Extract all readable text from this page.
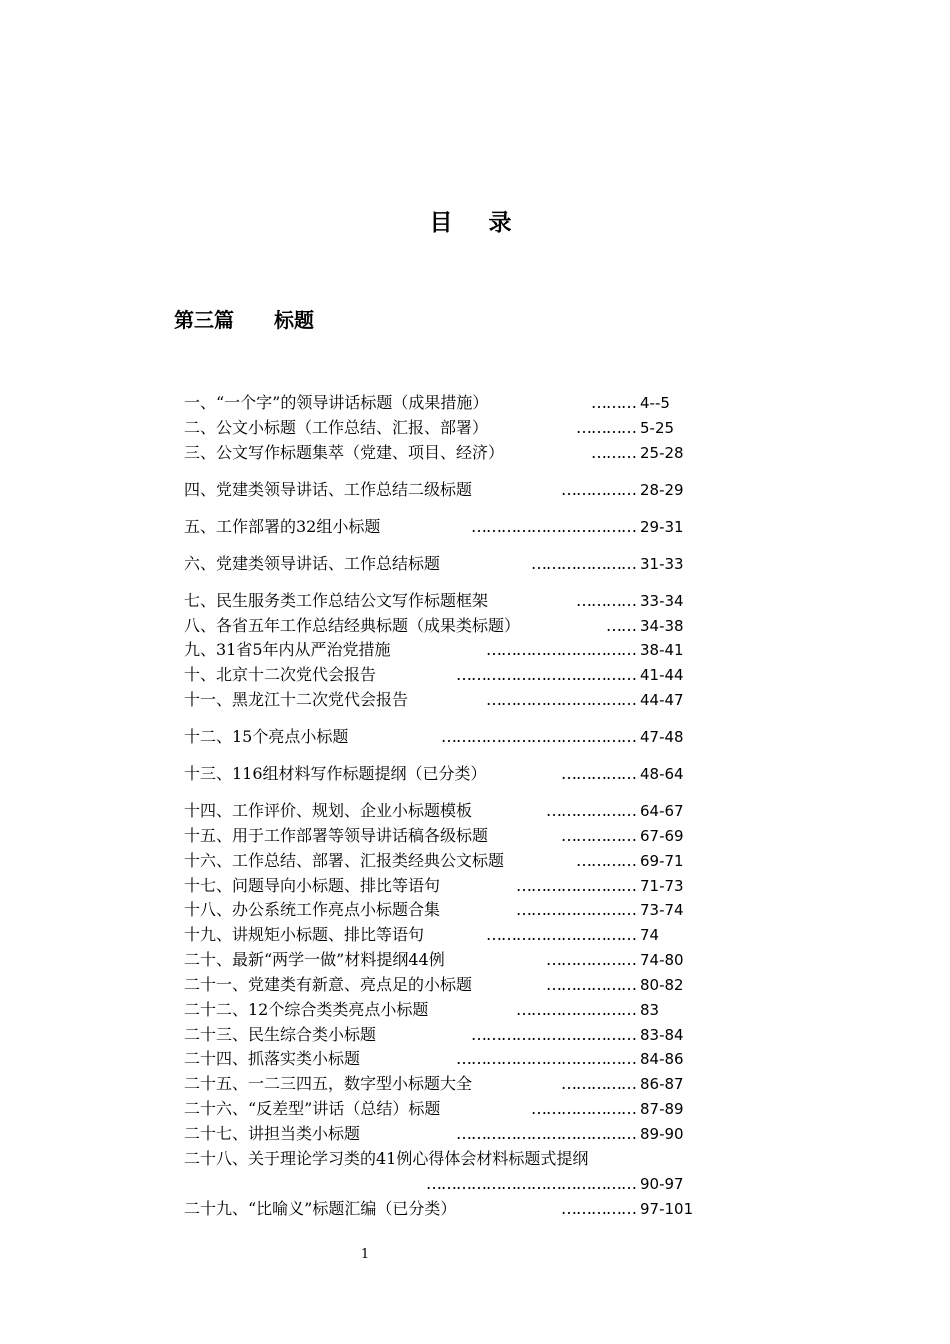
目 录
第三篇　　标题
一、“一个字”的领导讲话标题（成果措施）	4--5
………
二、公文小标题（工作总结、汇报、部署）	5-25
…………
三、公文写作标题集萃（党建、项目、经济）	25-28
………
四、党建类领导讲话、工作总结二级标题	28-29
……………
五、工作部署的32组小标题	29-31
……………………………
六、党建类领导讲话、工作总结标题	31-33
…………………
七、民生服务类工作总结公文写作标题框架	33-34
…………
八、各省五年工作总结经典标题（成果类标题）	34-38
……
九、31省5年内从严治党措施	38-41
…………………………
十、北京十二次党代会报告	41-44
………………………………
十一、黑龙江十二次党代会报告	44-47
…………………………
十二、15个亮点小标题	47-48
…………………………………
十三、116组材料写作标题提纲（已分类）	48-64
……………
十四、工作评价、规划、企业小标题模板	64-67
………………
十五、用于工作部署等领导讲话稿各级标题	67-69
……………
十六、工作总结、部署、汇报类经典公文标题	69-71
…………
十七、问题导向小标题、排比等语句	71-73
……………………
十八、办公系统工作亮点小标题合集	73-74
……………………
十九、讲规矩小标题、排比等语句	74
…………………………
二十、最新“两学一做”材料提纲44例	74-80
………………
二十一、党建类有新意、亮点足的小标题	80-82
………………
二十二、12个综合类类亮点小标题	83
……………………
二十三、民生综合类小标题	83-84
……………………………
二十四、抓落实类小标题	84-86
………………………………
二十五、一二三四五，数字型小标题大全	86-87
……………
二十六、“反差型”讲话（总结）标题	87-89
…………………
二十七、讲担当类小标题	89-90
………………………………
二十八、关于理论学习类的41例心得体会材料标题式提纲
90-97
……………………………………
二十九、“比喻义”标题汇编（已分类）	97-101
……………
1
